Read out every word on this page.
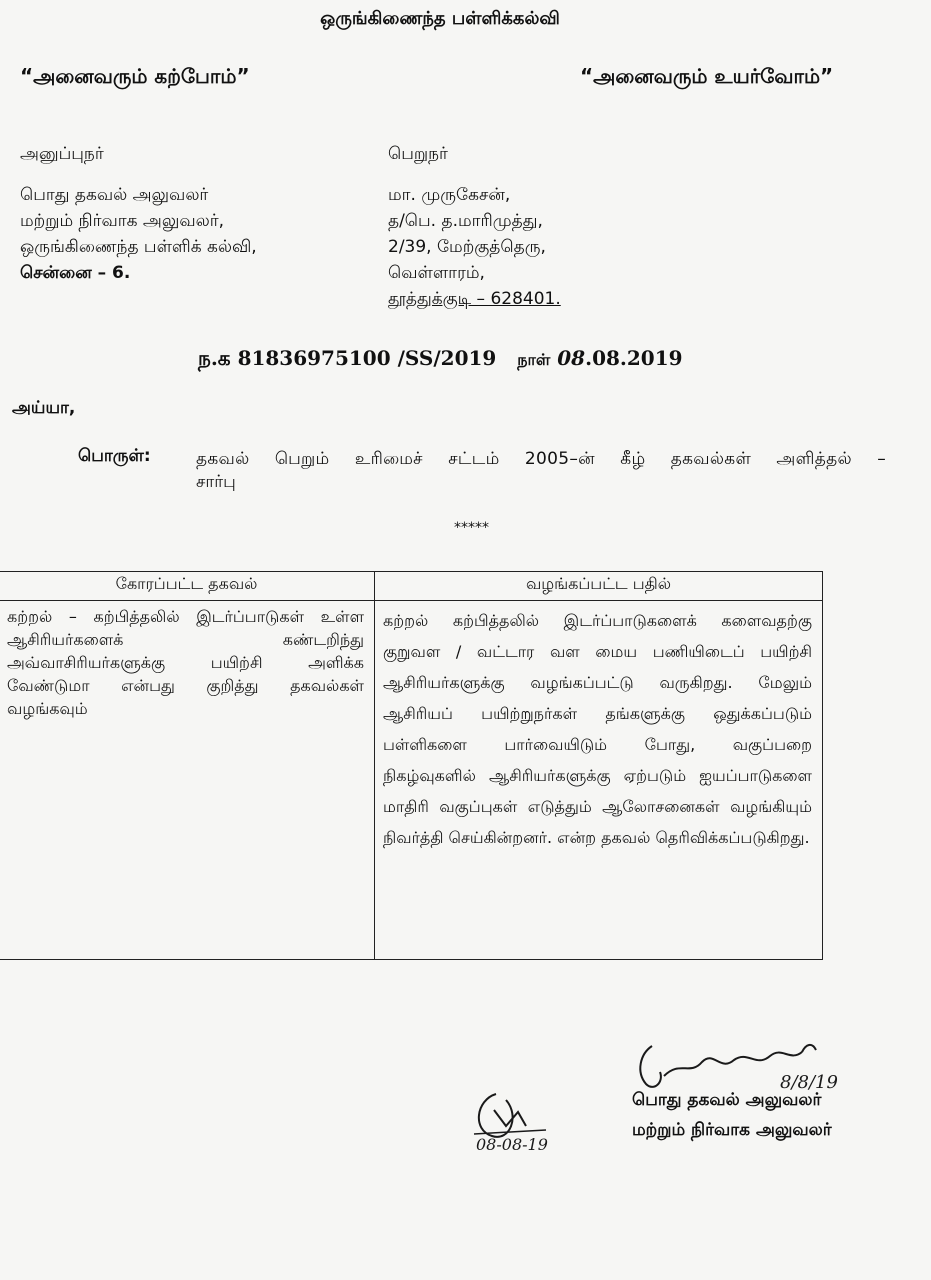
ஒருங்கிணைந்த பள்ளிக்கல்வி
“அனைவரும் கற்போம்”	“அனைவரும் உயர்வோம்”
அனுப்புநர்
பொது தகவல் அலுவலர்
மற்றும் நிர்வாக அலுவலர்,
ஒருங்கிணைந்த பள்ளிக் கல்வி,
சென்னை – 6.
பெறுநர்
மா. முருகேசன்,
த/பெ. த.மாரிமுத்து,
2/39, மேற்குத்தெரு,
வெள்ளாரம்,
தூத்துக்குடி – 628401.
ந.க 81836975100 /SS/2019 நாள் 08.08.2019
அய்யா,
பொருள்:	தகவல் பெறும் உரிமைச் சட்டம் 2005–ன் கீழ் தகவல்கள் அளித்தல் –
சார்பு
*****
கோரப்பட்ட தகவல்	வழங்கப்பட்ட பதில்
கற்றல் – கற்பித்தலில் இடர்ப்பாடுகள் உள்ள ஆசிரியர்களைக் கண்டறிந்து அவ்வாசிரியர்களுக்கு பயிற்சி அளிக்க வேண்டுமா என்பது குறித்து தகவல்கள் வழங்கவும்	கற்றல் கற்பித்தலில் இடர்ப்பாடுகளைக் களைவதற்கு குறுவள / வட்டார வள மைய பணியிடைப் பயிற்சி ஆசிரியர்களுக்கு வழங்கப்பட்டு வருகிறது. மேலும் ஆசிரியப் பயிற்றுநர்கள் தங்களுக்கு ஒதுக்கப்படும் பள்ளிகளை பார்வையிடும் போது, வகுப்பறை நிகழ்வுகளில் ஆசிரியர்களுக்கு ஏற்படும் ஐயப்பாடுகளை மாதிரி வகுப்புகள் எடுத்தும் ஆலோசனைகள் வழங்கியும் நிவர்த்தி செய்கின்றனர். என்ற தகவல் தெரிவிக்கப்படுகிறது.
8/8/19
08-08-19
பொது தகவல் அலுவலர்
மற்றும் நிர்வாக அலுவலர்
